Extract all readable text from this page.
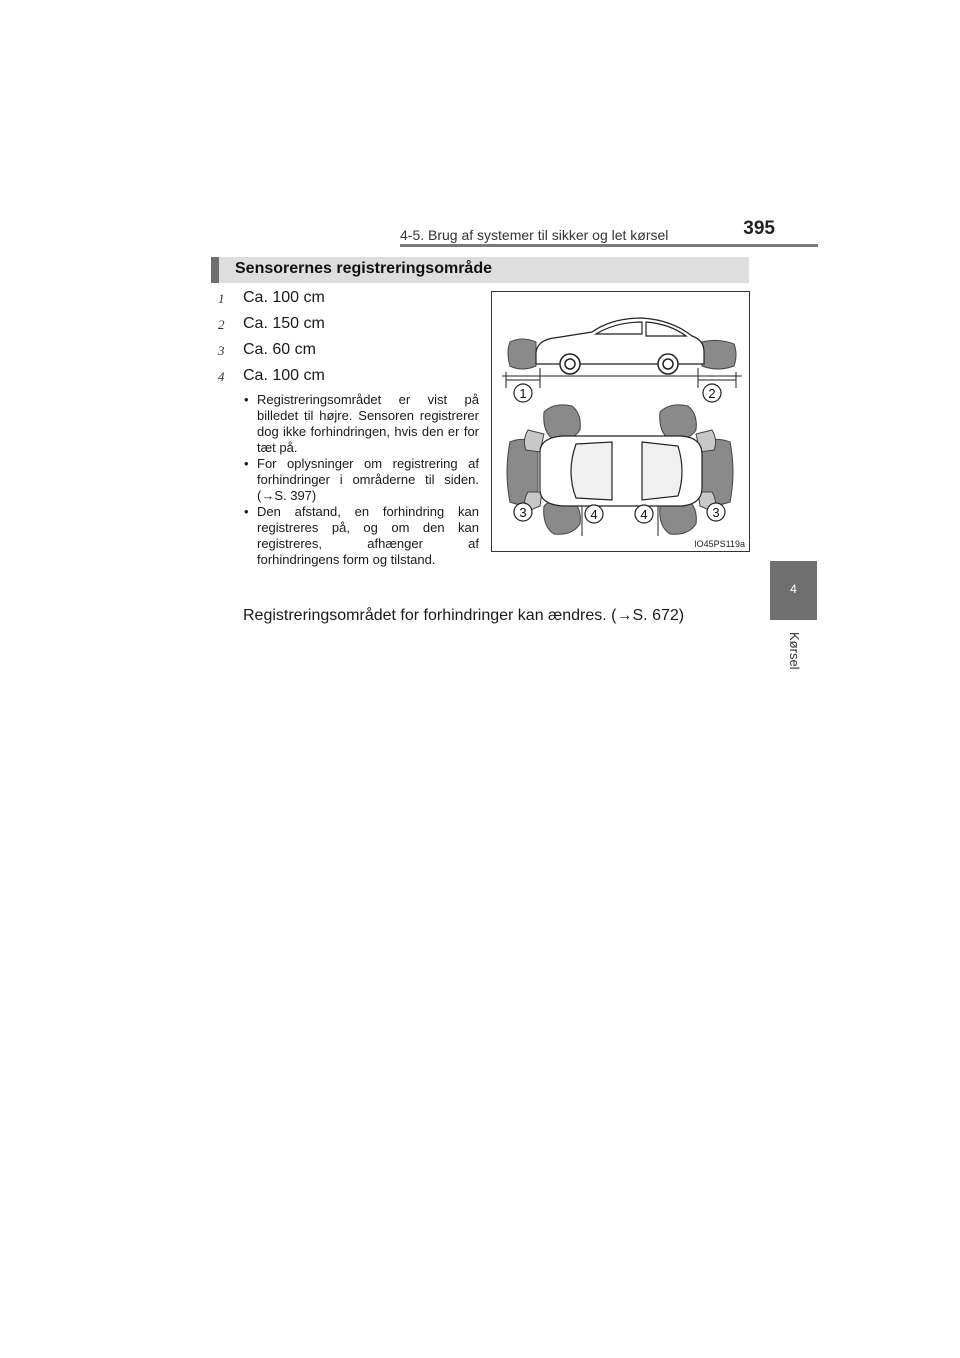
4-5. Brug af systemer til sikker og let kørsel	395
4
Kørsel
Sensorernes registreringsområde
1 Ca. 100 cm
2 Ca. 150 cm
3 Ca. 60 cm
4 Ca. 100 cm
• Registreringsområdet er vist på billedet til højre. Sensoren registrerer dog ikke forhindringen, hvis den er for tæt på.
• For oplysninger om registrering af forhindringer i områderne til siden. (→S. 397)
• Den afstand, en forhindring kan registreres på, og om den kan registreres, afhænger af forhindringens form og tilstand.
Registreringsområdet for forhindringer kan ændres. (→S. 672)
1	2
3	4	4	3
IO45PS119a
